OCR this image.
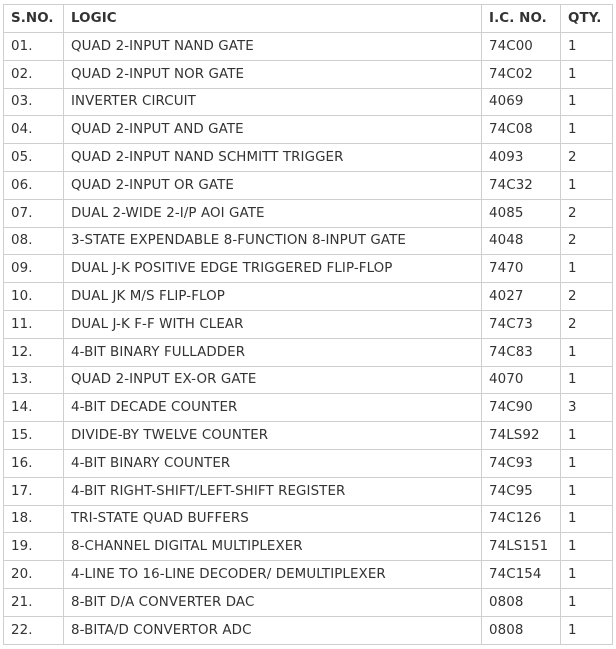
S.NO.	LOGIC	I.C. NO.	QTY.
01.	QUAD 2-INPUT NAND GATE	74C00	1
02.	QUAD 2-INPUT NOR GATE	74C02	1
03.	INVERTER CIRCUIT	4069	1
04.	QUAD 2-INPUT AND GATE	74C08	1
05.	QUAD 2-INPUT NAND SCHMITT TRIGGER	4093	2
06.	QUAD 2-INPUT OR GATE	74C32	1
07.	DUAL 2-WIDE 2-I/P AOI GATE	4085	2
08.	3-STATE EXPENDABLE 8-FUNCTION 8-INPUT GATE	4048	2
09.	DUAL J-K POSITIVE EDGE TRIGGERED FLIP-FLOP	7470	1
10.	DUAL JK M/S FLIP-FLOP	4027	2
11.	DUAL J-K F-F WITH CLEAR	74C73	2
12.	4-BIT BINARY FULLADDER	74C83	1
13.	QUAD 2-INPUT EX-OR GATE	4070	1
14.	4-BIT DECADE COUNTER	74C90	3
15.	DIVIDE-BY TWELVE COUNTER	74LS92	1
16.	4-BIT BINARY COUNTER	74C93	1
17.	4-BIT RIGHT-SHIFT/LEFT-SHIFT REGISTER	74C95	1
18.	TRI-STATE QUAD BUFFERS	74C126	1
19.	8-CHANNEL DIGITAL MULTIPLEXER	74LS151	1
20.	4-LINE TO 16-LINE DECODER/ DEMULTIPLEXER	74C154	1
21.	8-BIT D/A CONVERTER DAC	0808	1
22.	8-BITA/D CONVERTOR ADC	0808	1
